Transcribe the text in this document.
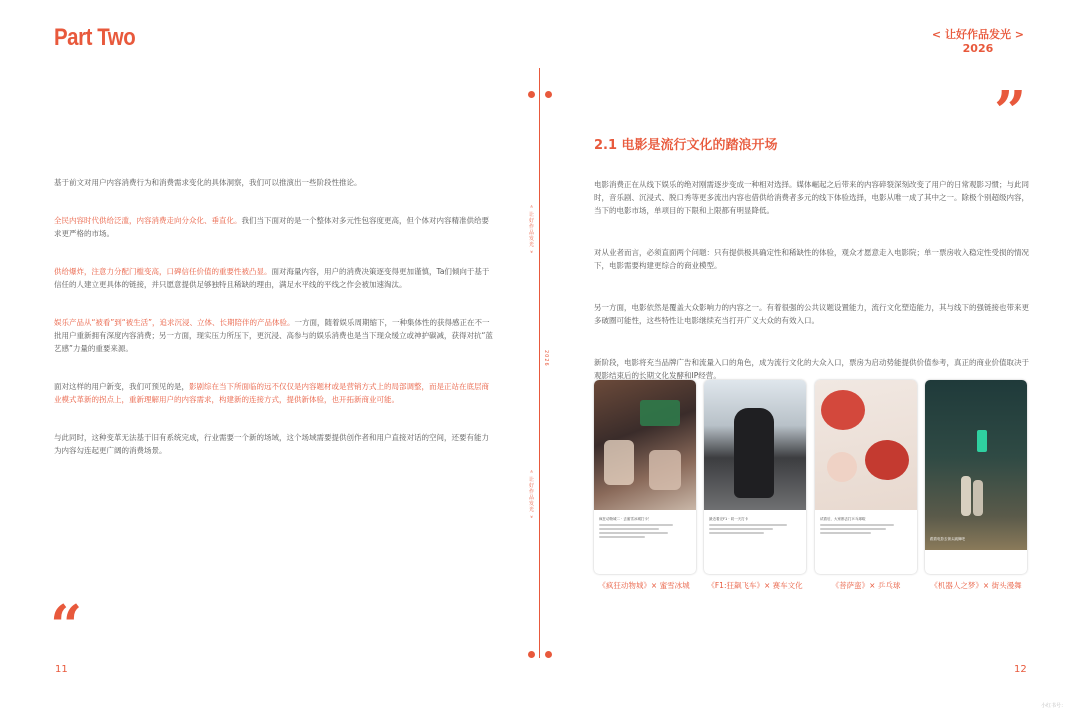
Part Two	< 让好作品发光 >
2026
« 让好作品发光 »
2026
« 让好作品发光 »
“
”

基于前文对用户内容消费行为和消费需求变化的具体洞察，我们可以推演出一些阶段性推论。

全民内容时代供给泛滥，内容消费走向分众化、垂直化。我们当下面对的是一个整体对多元性包容度更高，但个体对内容精准供给要求更严格的市场。

供给爆炸，注意力分配门槛变高，口碑信任价值的重要性被凸显。面对海量内容，用户的消费决策逐变得更加谨慎，Ta们倾向于基于信任的人建立更具体的链接，并只愿意提供足够独特且稀缺的理由，满足水平线的平线之作会被加速淘汰。

娱乐产品从“被看”到“被生活”，追求沉浸、立体、长期陪伴的产品体验。一方面，随着娱乐周期缩下，一种集体性的获得感正在不一批用户重新拥有深度内容消费；另一方面，现实压力所压下，更沉浸、高参与的娱乐消费也是当下现众缓立或神护碳减，获得对抗“蓝艺感”力量的重要来源。

面对这样的用户新变，我们可预见的是，影剧综在当下所面临的远不仅仅是内容题材或是营销方式上的局部调整，而是正站在底层商业模式革新的拐点上，重新理解用户的内容需求，构建新的连接方式，提供新体验，也开拓新商业可能。

与此同时，这种变革无法基于旧有系统完成，行业需要一个新的场域，这个场域需要提供创作者和用户直接对话的空间，还要有能力为内容勾连起更广阔的消费场景。

11
2.1 电影是流行文化的踏浪开场

电影消费正在从线下娱乐的绝对刚需逐步变成一种相对选择。媒体崛起之后带来的内容碎裂深刻改变了用户的日常观影习惯；与此同时，音乐剧、沉浸式、脱口秀等更多流出内容也借供给消费者多元的线下体验选择，电影从唯一成了其中之一。除极个别超级内容，当下的电影市场，单项目的下限和上限都有明显降低。

对从业者而言，必须直面两个问题：只有提供极具确定性和稀缺性的体验，观众才愿意走入电影院；单一票房收入稳定性受损的情况下，电影需要构建更综合的商业模型。

另一方面，电影依然是覆盖大众影响力的内容之一。有着很强的公共议题设置能力，流行文化塑造能力，其与线下的强链接也带来更多破圈可能性，这些特性让电影继续充当打开广义大众的有效入口。

新阶段，电影将充当品牌广告和流量入口的角色，成为流行文化的大众入口，票房为启动势能提供价值参考，真正的商业价值取决于观影结束后的长期文化发酵和IP经营。

疯狂动物城二 · 去蜜雪冰城打卡！	最近看完F1 · 同一天打卡	试看后，大家都去打乒乓球啦
跟着电影去街头跳舞吧
《疯狂动物城》× 蜜雪冰城	《F1:狂飙飞车》× 赛车文化	《菩萨蛮》× 乒乓球	《机器人之梦》× 街头漫舞
12
小红书号：
